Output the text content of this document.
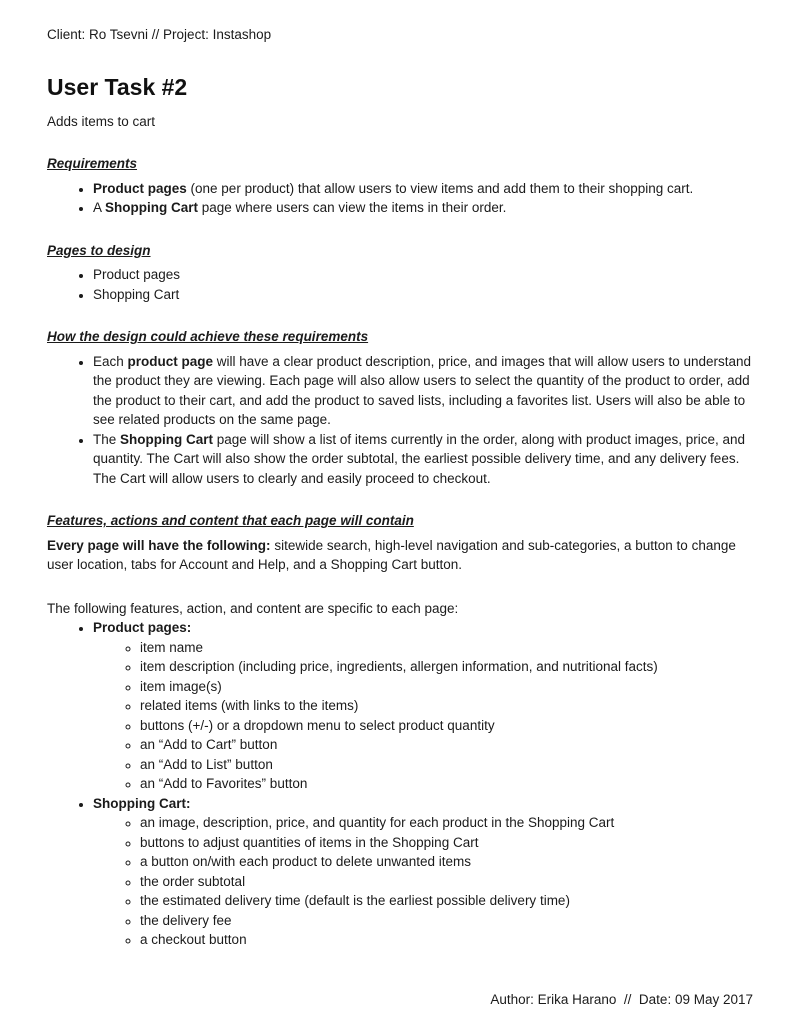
Client: Ro Tsevni // Project: Instashop

User Task #2

Adds items to cart

Requirements

• Product pages (one per product) that allow users to view items and add them to their shopping cart.
• A Shopping Cart page where users can view the items in their order.

Pages to design

• Product pages
• Shopping Cart

How the design could achieve these requirements

• Each product page will have a clear product description, price, and images that will allow users to understand the product they are viewing. Each page will also allow users to select the quantity of the product to order, add the product to their cart, and add the product to saved lists, including a favorites list. Users will also be able to see related products on the same page.
• The Shopping Cart page will show a list of items currently in the order, along with product images, price, and quantity. The Cart will also show the order subtotal, the earliest possible delivery time, and any delivery fees. The Cart will allow users to clearly and easily proceed to checkout.

Features, actions and content that each page will contain

Every page will have the following: sitewide search, high-level navigation and sub-categories, a button to change user location, tabs for Account and Help, and a Shopping Cart button.

The following features, action, and content are specific to each page:

• Product pages:
◦ item name
◦ item description (including price, ingredients, allergen information, and nutritional facts)
◦ item image(s)
◦ related items (with links to the items)
◦ buttons (+/-) or a dropdown menu to select product quantity
◦ an “Add to Cart” button
◦ an “Add to List” button
◦ an “Add to Favorites” button
• Shopping Cart:
◦ an image, description, price, and quantity for each product in the Shopping Cart
◦ buttons to adjust quantities of items in the Shopping Cart
◦ a button on/with each product to delete unwanted items
◦ the order subtotal
◦ the estimated delivery time (default is the earliest possible delivery time)
◦ the delivery fee
◦ a checkout button

Author: Erika Harano  //  Date: 09 May 2017
